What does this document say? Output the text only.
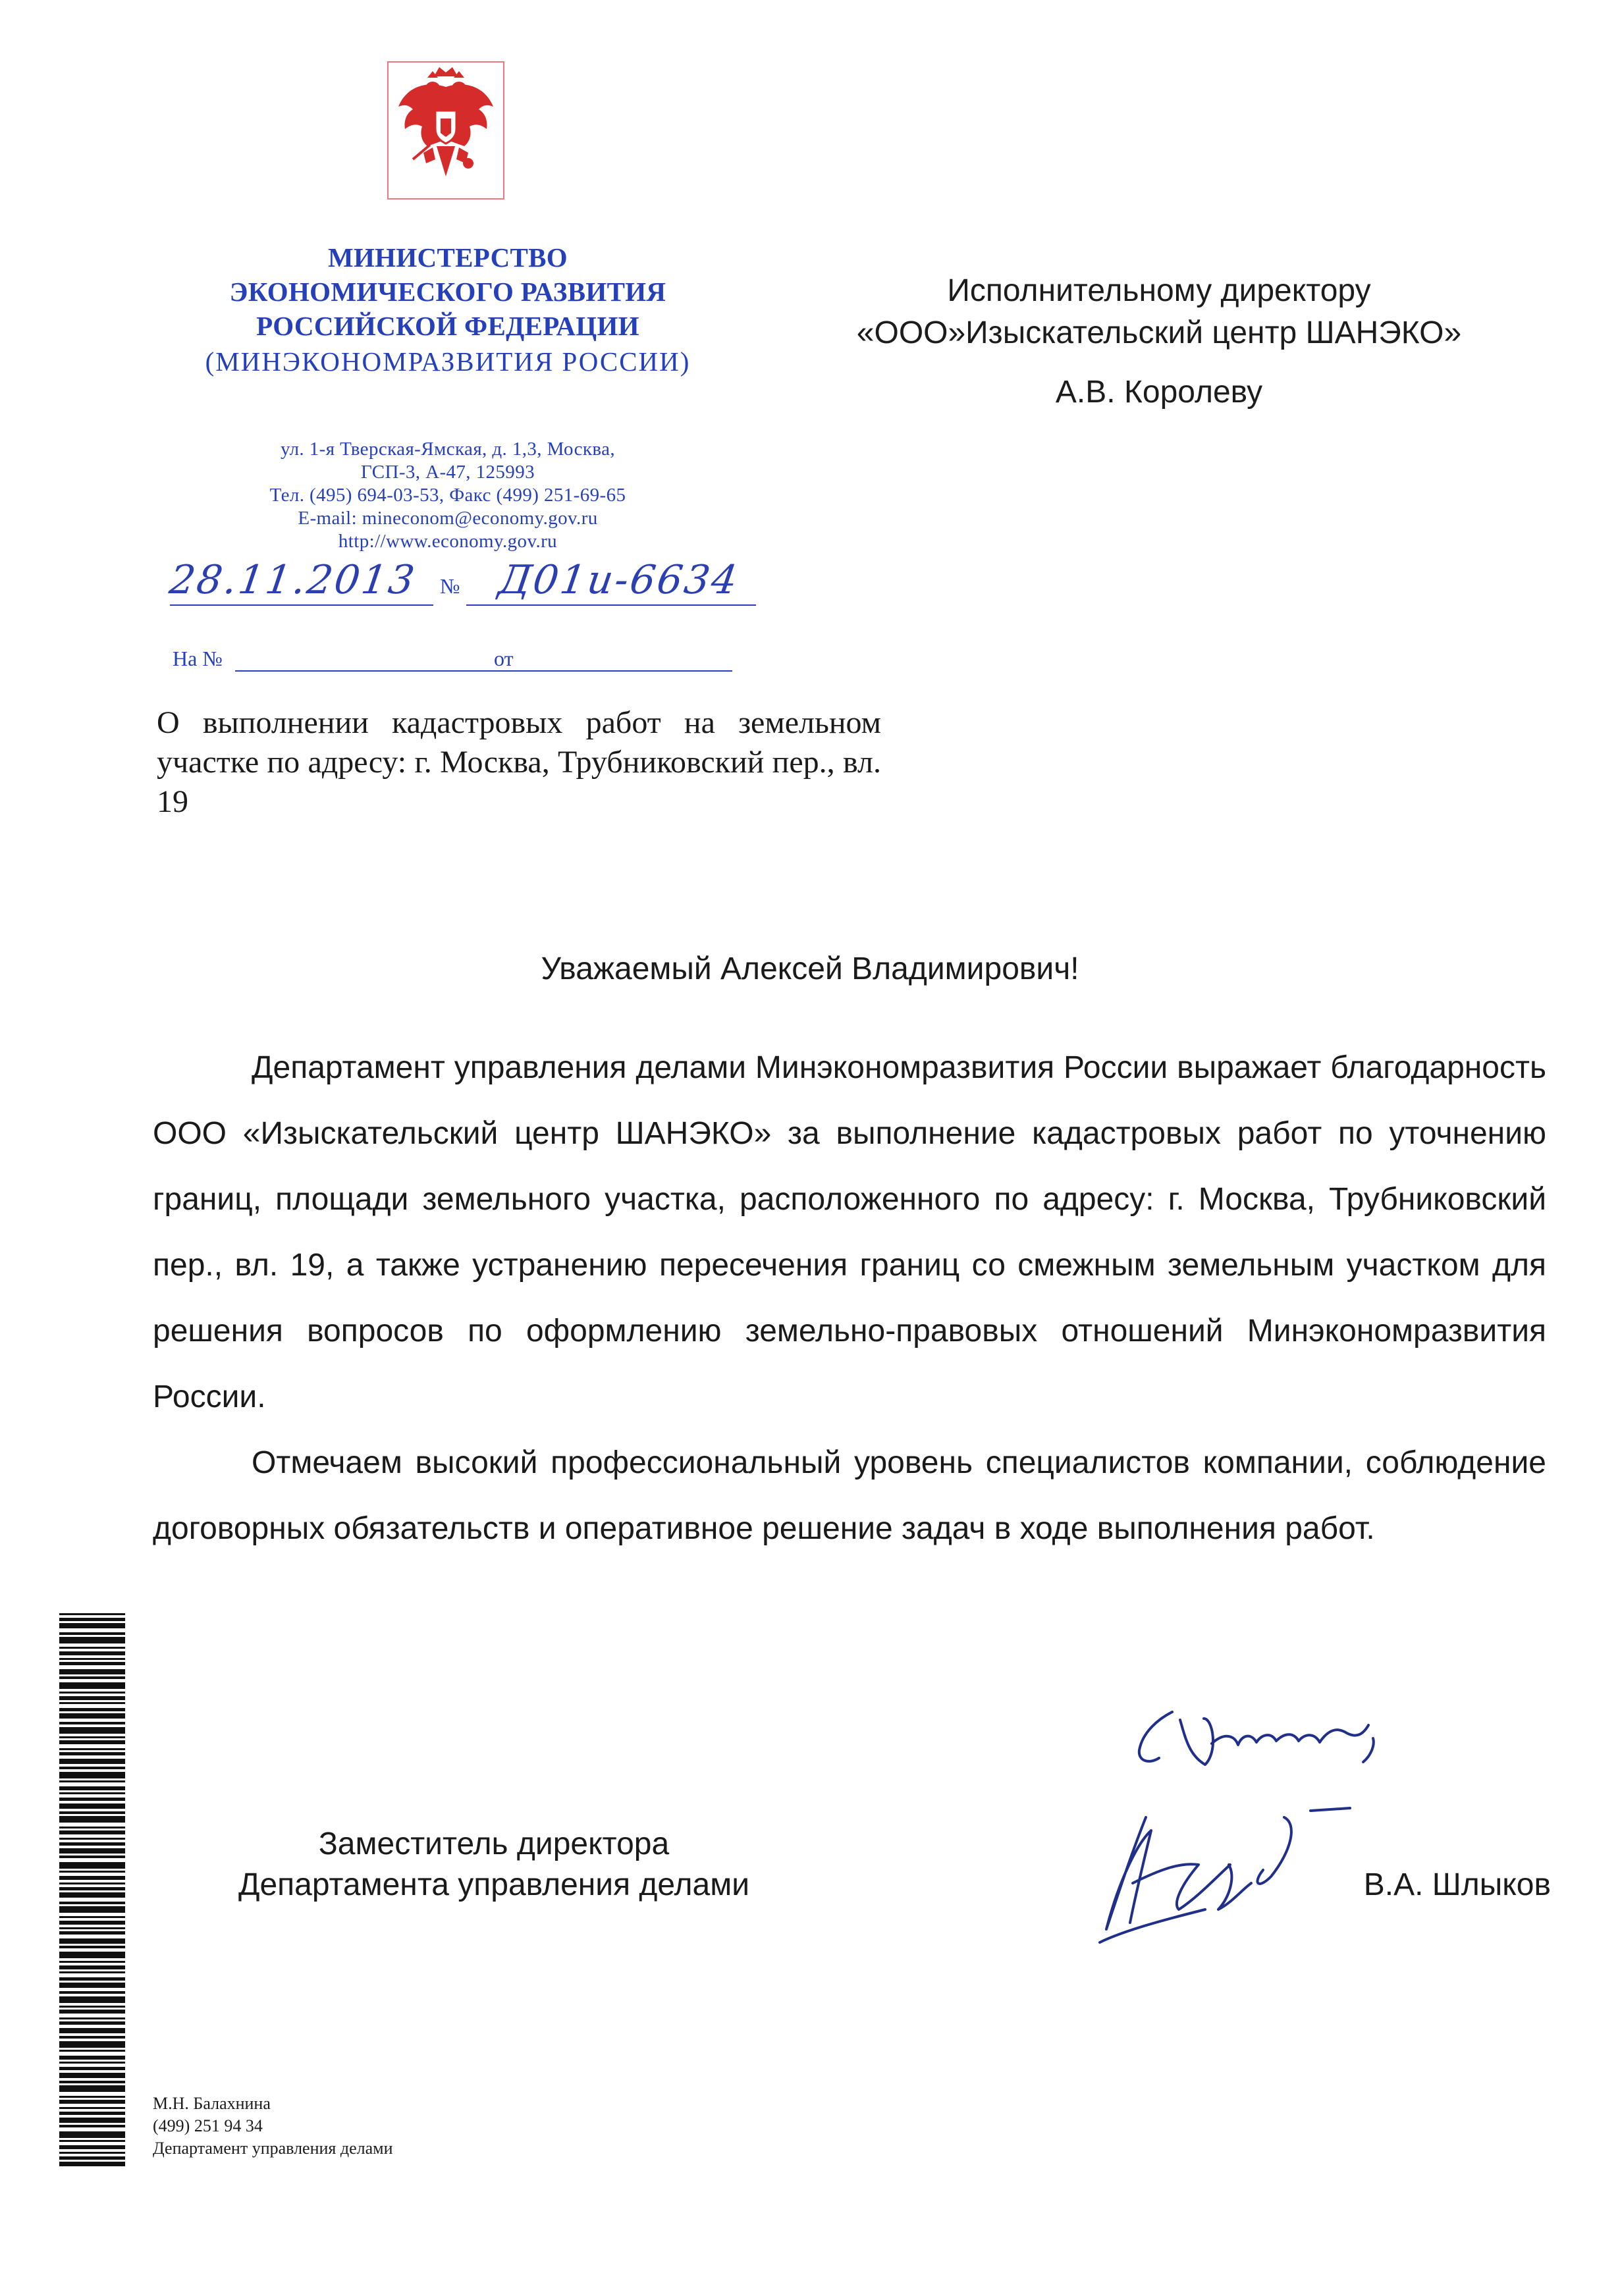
МИНИСТЕРСТВО
ЭКОНОМИЧЕСКОГО РАЗВИТИЯ
РОССИЙСКОЙ ФЕДЕРАЦИИ
(МИНЭКОНОМРАЗВИТИЯ РОССИИ)
ул. 1-я Тверская-Ямская, д. 1,3, Москва,
ГСП-3, А-47, 125993
Тел. (495) 694-03-53, Факс (499) 251-69-65
E-mail: mineconom@economy.gov.ru
http://www.economy.gov.ru
28.11.2013 № Д01и-6634
На №	от
Исполнительному директору
«ООО»Изыскательский центр ШАНЭКО»
А.В. Королеву
О выполнении кадастровых работ на земельном участке по адресу: г. Москва, Трубниковский пер., вл. 19
Уважаемый Алексей Владимирович!

Департамент управления делами Минэкономразвития России выражает благодарность ООО «Изыскательский центр ШАНЭКО» за выполнение кадастровых работ по уточнению границ, площади земельного участка, расположенного по адресу: г. Москва, Трубниковский пер., вл. 19, а также устранению пересечения границ со смежным земельным участком для решения вопросов по оформлению земельно-правовых отношений Минэкономразвития России.

Отмечаем высокий профессиональный уровень специалистов компании, соблюдение договорных обязательств и оперативное решение задач в ходе выполнения работ.

Заместитель директора
Департамента управления делами	В.А. Шлыков
М.Н. Балахнина
(499) 251 94 34
Департамент управления делами
